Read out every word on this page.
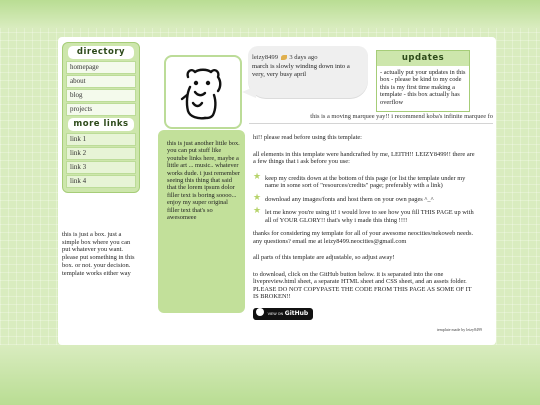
directory
homepage
about
blog
projects
more links
link 1
link 2
link 3
link 4
this is just a box. just a simple box where you can put whatever you want. please put something in this box. or not. your decision. template works either way
leizy8499 3 days ago
march is slowly winding down into a very, very busy april
updates
- actually put your updates in this box - please be kind to my code this is my first time making a template - this box actually has overflow
this is a moving marquee yay!! i recommend koba's infinite marquee fo
this is just another little box. you can put stuff like youtube links here, maybe a little art ... music.. whatever works dude. i just remember seeing this thing that said that the lorem ipsum dolor filler text is boring soooo... enjoy my super original filler text that's so awesomeee

hi!! please read before using this template:

all elements in this template were handcrafted by me, LEITH!! LEIZY8499!! there are a few things that i ask before you use:

★ keep my credits down at the bottom of this page (or list the template under my name in some sort of "resources/credits" page; preferably with a link)
★ download any images/fonts and host them on your own pages ^_^
★ let me know you're using it! i would love to see how you fill THIS PAGE up with all of YOUR GLORY!! that's why i made this thing !!!!

thanks for considering my template for all of your awesome neocities/nekoweb needs. any questions? email me at leizy8499.neocities@gmail.com

all parts of this template are adjustable, so adjust away!

to download, click on the GitHub button below. it is separated into the one livepreview.html sheet, a separate HTML sheet and CSS sheet, and an assets folder. PLEASE DO NOT COPYPASTE THE CODE FROM THIS PAGE AS SOME OF IT IS BROKEN!!

VIEW ON GitHub
template made by leizy8499
